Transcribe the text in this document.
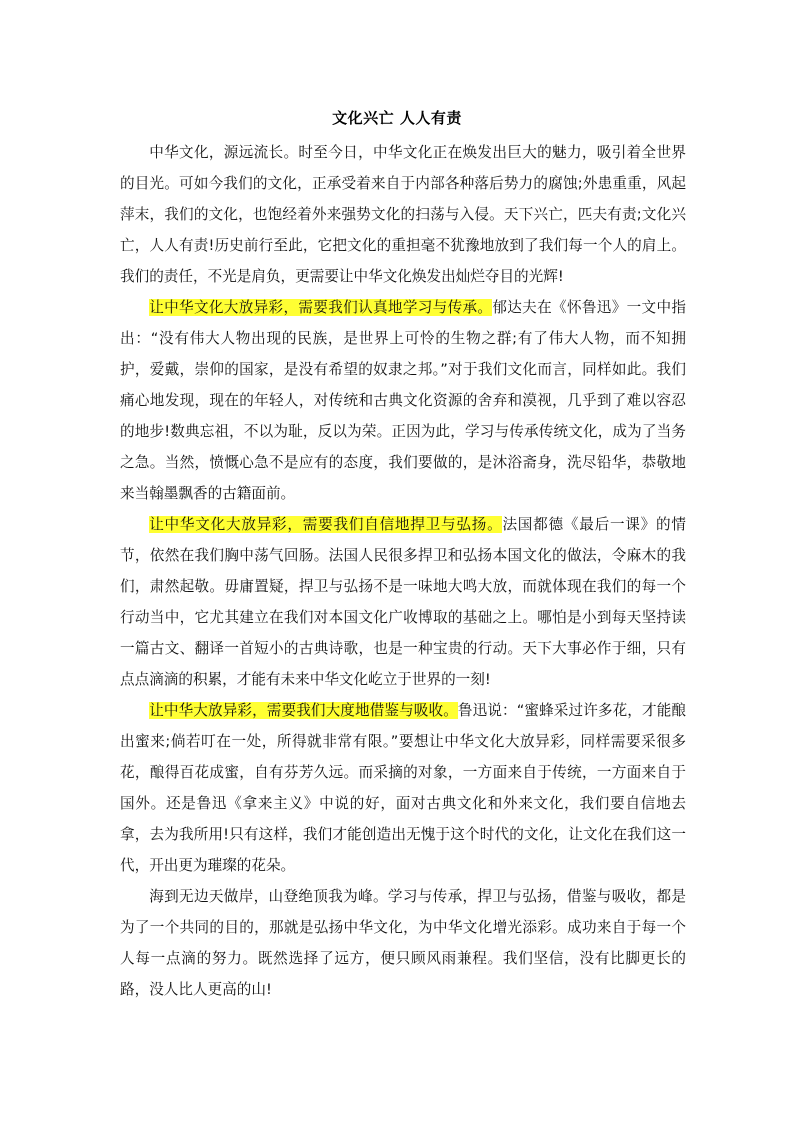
文化兴亡 人人有责

中华文化，源远流长。时至今日，中华文化正在焕发出巨大的魅力，吸引着全世界的目光。可如今我们的文化，正承受着来自于内部各种落后势力的腐蚀;外患重重，风起萍末，我们的文化，也饱经着外来强势文化的扫荡与入侵。天下兴亡，匹夫有责;文化兴亡，人人有责!历史前行至此，它把文化的重担毫不犹豫地放到了我们每一个人的肩上。我们的责任，不光是肩负，更需要让中华文化焕发出灿烂夺目的光辉!

让中华文化大放异彩，需要我们认真地学习与传承。郁达夫在《怀鲁迅》一文中指出：“没有伟大人物出现的民族，是世界上可怜的生物之群;有了伟大人物，而不知拥护，爱戴，崇仰的国家，是没有希望的奴隶之邦。”对于我们文化而言，同样如此。我们痛心地发现，现在的年轻人，对传统和古典文化资源的舍弃和漠视，几乎到了难以容忍的地步!数典忘祖，不以为耻，反以为荣。正因为此，学习与传承传统文化，成为了当务之急。当然，愤慨心急不是应有的态度，我们要做的，是沐浴斋身，洗尽铅华，恭敬地来当翰墨飘香的古籍面前。

让中华文化大放异彩，需要我们自信地捍卫与弘扬。法国都德《最后一课》的情节，依然在我们胸中荡气回肠。法国人民很多捍卫和弘扬本国文化的做法，令麻木的我们，肃然起敬。毋庸置疑，捍卫与弘扬不是一味地大鸣大放，而就体现在我们的每一个行动当中，它尤其建立在我们对本国文化广收博取的基础之上。哪怕是小到每天坚持读一篇古文、翻译一首短小的古典诗歌，也是一种宝贵的行动。天下大事必作于细，只有点点滴滴的积累，才能有未来中华文化屹立于世界的一刻!

让中华大放异彩，需要我们大度地借鉴与吸收。鲁迅说：“蜜蜂采过许多花，才能酿出蜜来;倘若叮在一处，所得就非常有限。”要想让中华文化大放异彩，同样需要采很多花，酿得百花成蜜，自有芬芳久远。而采摘的对象，一方面来自于传统，一方面来自于国外。还是鲁迅《拿来主义》中说的好，面对古典文化和外来文化，我们要自信地去拿，去为我所用!只有这样，我们才能创造出无愧于这个时代的文化，让文化在我们这一代，开出更为璀璨的花朵。

海到无边天做岸，山登绝顶我为峰。学习与传承，捍卫与弘扬，借鉴与吸收，都是为了一个共同的目的，那就是弘扬中华文化，为中华文化增光添彩。成功来自于每一个人每一点滴的努力。既然选择了远方，便只顾风雨兼程。我们坚信，没有比脚更长的路，没人比人更高的山!
